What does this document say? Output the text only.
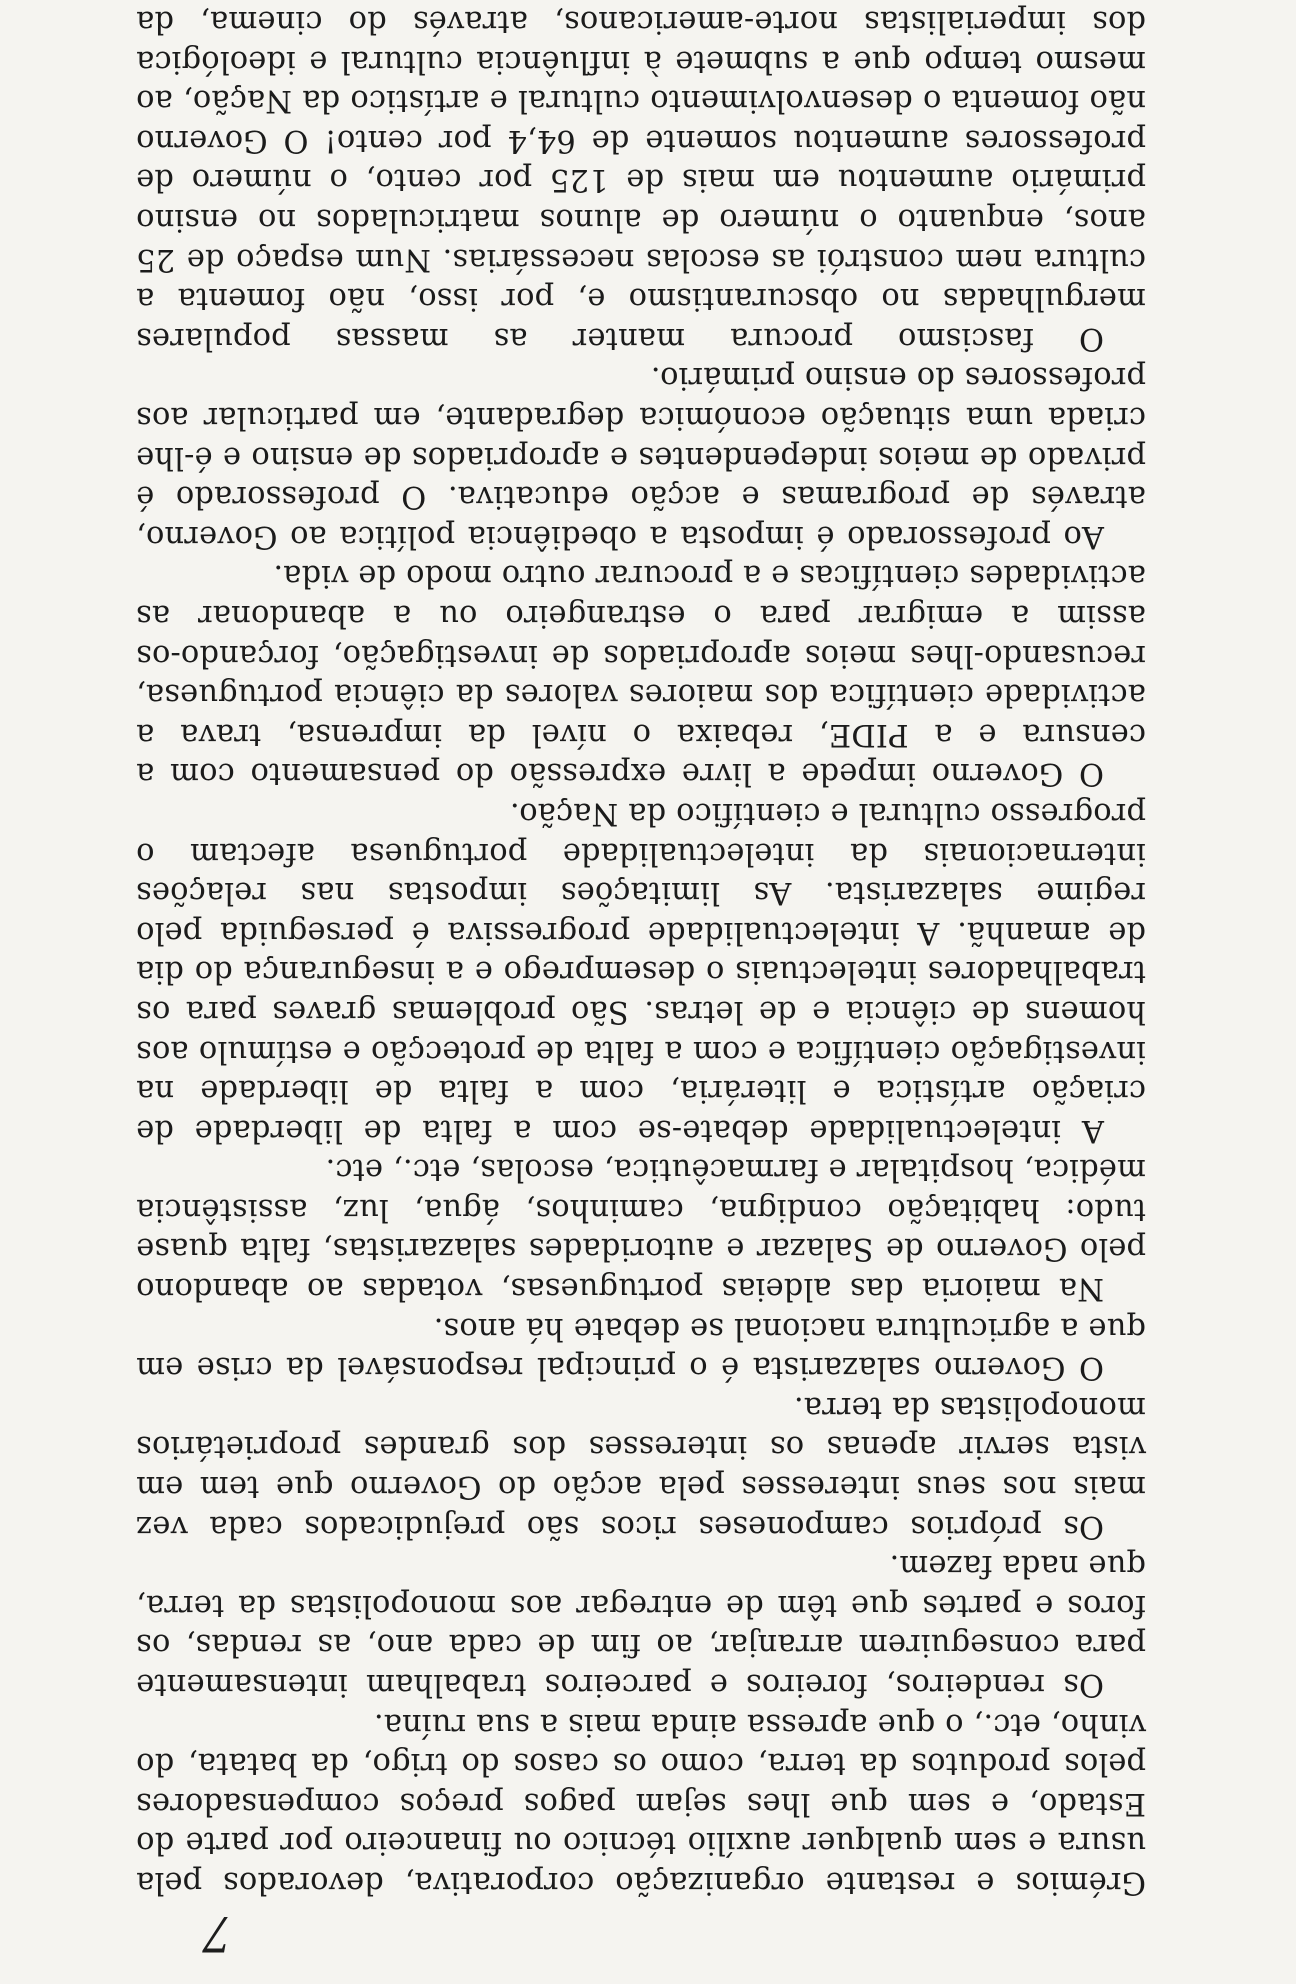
7

Grémios e restante organização corporativa, devorados pela usura e sem qualquer auxílio técnico ou financeiro por parte do Estado, e sem que lhes sejam pagos preços compensadores pelos produtos da terra, como os casos do trigo, da batata, do vinho, etc., o que apressa ainda mais a sua ruína.

Os rendeiros, foreiros e parceiros trabalham intensamente para conseguirem arranjar, ao fim de cada ano, as rendas, os foros e partes que têm de entregar aos monopolistas da terra, que nada fazem.

Os próprios camponeses ricos são prejudicados cada vez mais nos seus interesses pela acção do Governo que tem em vista servir apenas os interesses dos grandes proprietários monopolistas da terra.

O Governo salazarista é o principal responsável da crise em que a agricultura nacional se debate há anos.

Na maioria das aldeias portuguesas, votadas ao abandono pelo Governo de Salazar e autoridades salazaristas, falta quase tudo: habitação condigna, caminhos, água, luz, assistência médica, hospitalar e farmacêutica, escolas, etc., etc.

A intelectualidade debate-se com a falta de liberdade de criação artística e literária, com a falta de liberdade na investigação científica e com a falta de protecção e estímulo aos homens de ciência e de letras. São problemas graves para os trabalhadores intelectuais o desemprego e a insegurança do dia de amanhã. A intelectualidade progressiva é perseguida pelo regime salazarista. As limitações impostas nas relações internacionais da intelectualidade portuguesa afectam o progresso cultural e científico da Nação.

O Governo impede a livre expressão do pensamento com a censura e a PIDE, rebaixa o nível da imprensa, trava a actividade científica dos maiores valores da ciência portuguesa, recusando-lhes meios apropriados de investigação, forçando-os assim a emigrar para o estrangeiro ou a abandonar as actividades científicas e a procurar outro modo de vida.

Ao professorado é imposta a obediência política ao Governo, através de programas e acção educativa. O professorado é privado de meios independentes e apropriados de ensino e é-lhe criada uma situação económica degradante, em particular aos professores do ensino primário.

O fascismo procura manter as massas populares mergulhadas no obscurantismo e, por isso, não fomenta a cultura nem constrói as escolas necessárias. Num espaço de 25 anos, enquanto o número de alunos matriculados no ensino primário aumentou em mais de 125 por cento, o número de professores aumentou somente de 64,4 por cento! O Governo não fomenta o desenvolvimento cultural e artístico da Nação, ao mesmo tempo que a submete à influência cultural e ideológica dos imperialistas norte-americanos, através do cinema, da
